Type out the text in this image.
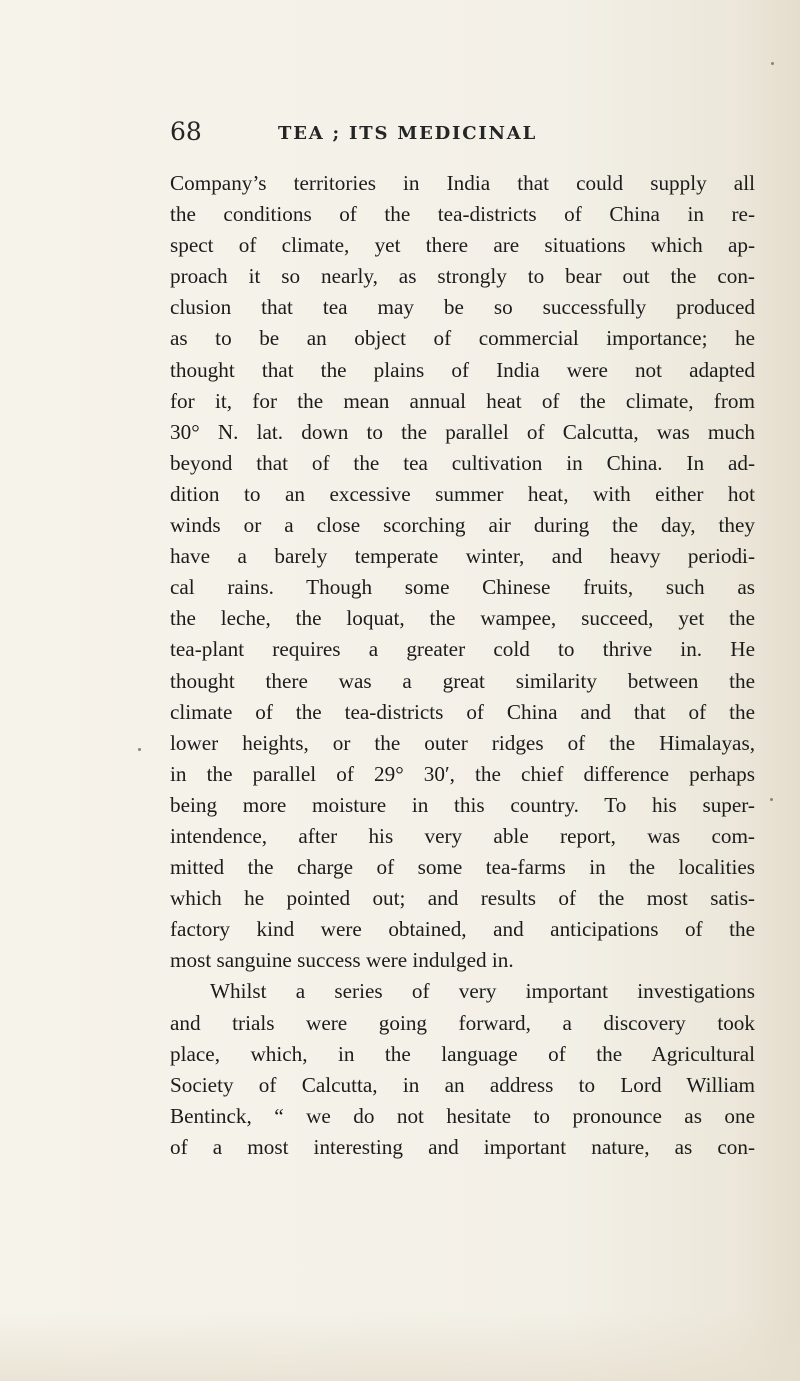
68	TEA ; ITS MEDICINAL
Company’s territories in India that could supply all
the conditions of the tea-districts of China in re-
spect of climate, yet there are situations which ap-
proach it so nearly, as strongly to bear out the con-
clusion that tea may be so successfully produced
as to be an object of commercial importance; he
thought that the plains of India were not adapted
for it, for the mean annual heat of the climate, from
30° N. lat. down to the parallel of Calcutta, was much
beyond that of the tea cultivation in China. In ad-
dition to an excessive summer heat, with either hot
winds or a close scorching air during the day, they
have a barely temperate winter, and heavy periodi-
cal rains. Though some Chinese fruits, such as
the leche, the loquat, the wampee, succeed, yet the
tea-plant requires a greater cold to thrive in. He
thought there was a great similarity between the
climate of the tea-districts of China and that of the
lower heights, or the outer ridges of the Himalayas,
in the parallel of 29° 30′, the chief difference perhaps
being more moisture in this country. To his super-
intendence, after his very able report, was com-
mitted the charge of some tea-farms in the localities
which he pointed out; and results of the most satis-
factory kind were obtained, and anticipations of the
most sanguine success were indulged in.
Whilst a series of very important investigations
and trials were going forward, a discovery took
place, which, in the language of the Agricultural
Society of Calcutta, in an address to Lord William
Bentinck, “ we do not hesitate to pronounce as one
of a most interesting and important nature, as con-
